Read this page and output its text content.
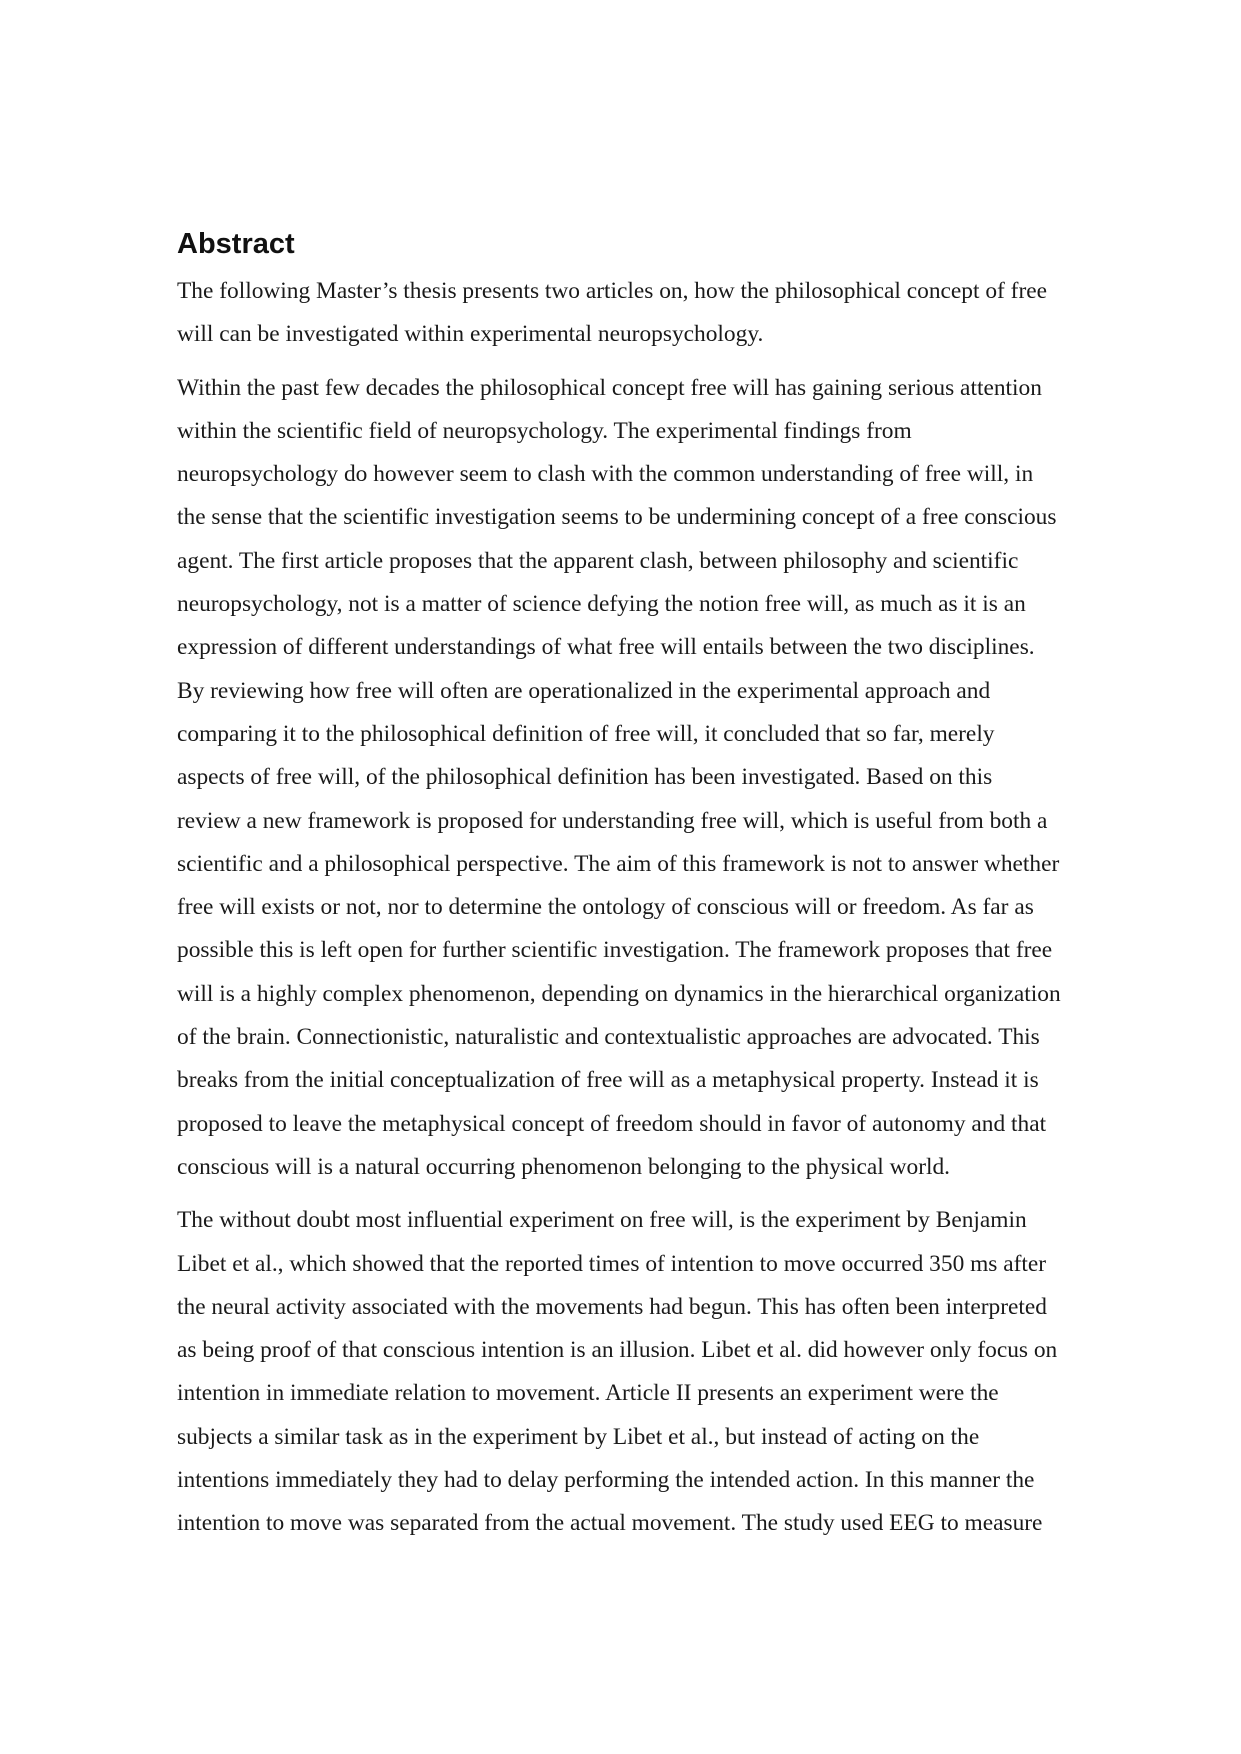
Abstract

The following Master’s thesis presents two articles on, how the philosophical concept of free
will can be investigated within experimental neuropsychology.

Within the past few decades the philosophical concept free will has gaining serious attention
within the scientific field of neuropsychology. The experimental findings from
neuropsychology do however seem to clash with the common understanding of free will, in
the sense that the scientific investigation seems to be undermining concept of a free conscious
agent. The first article proposes that the apparent clash, between philosophy and scientific
neuropsychology, not is a matter of science defying the notion free will, as much as it is an
expression of different understandings of what free will entails between the two disciplines.
By reviewing how free will often are operationalized in the experimental approach and
comparing it to the philosophical definition of free will, it concluded that so far, merely
aspects of free will, of the philosophical definition has been investigated. Based on this
review a new framework is proposed for understanding free will, which is useful from both a
scientific and a philosophical perspective. The aim of this framework is not to answer whether
free will exists or not, nor to determine the ontology of conscious will or freedom. As far as
possible this is left open for further scientific investigation. The framework proposes that free
will is a highly complex phenomenon, depending on dynamics in the hierarchical organization
of the brain. Connectionistic, naturalistic and contextualistic approaches are advocated. This
breaks from the initial conceptualization of free will as a metaphysical property. Instead it is
proposed to leave the metaphysical concept of freedom should in favor of autonomy and that
conscious will is a natural occurring phenomenon belonging to the physical world.

The without doubt most influential experiment on free will, is the experiment by Benjamin
Libet et al., which showed that the reported times of intention to move occurred 350 ms after
the neural activity associated with the movements had begun. This has often been interpreted
as being proof of that conscious intention is an illusion. Libet et al. did however only focus on
intention in immediate relation to movement. Article II presents an experiment were the
subjects a similar task as in the experiment by Libet et al., but instead of acting on the
intentions immediately they had to delay performing the intended action. In this manner the
intention to move was separated from the actual movement. The study used EEG to measure
